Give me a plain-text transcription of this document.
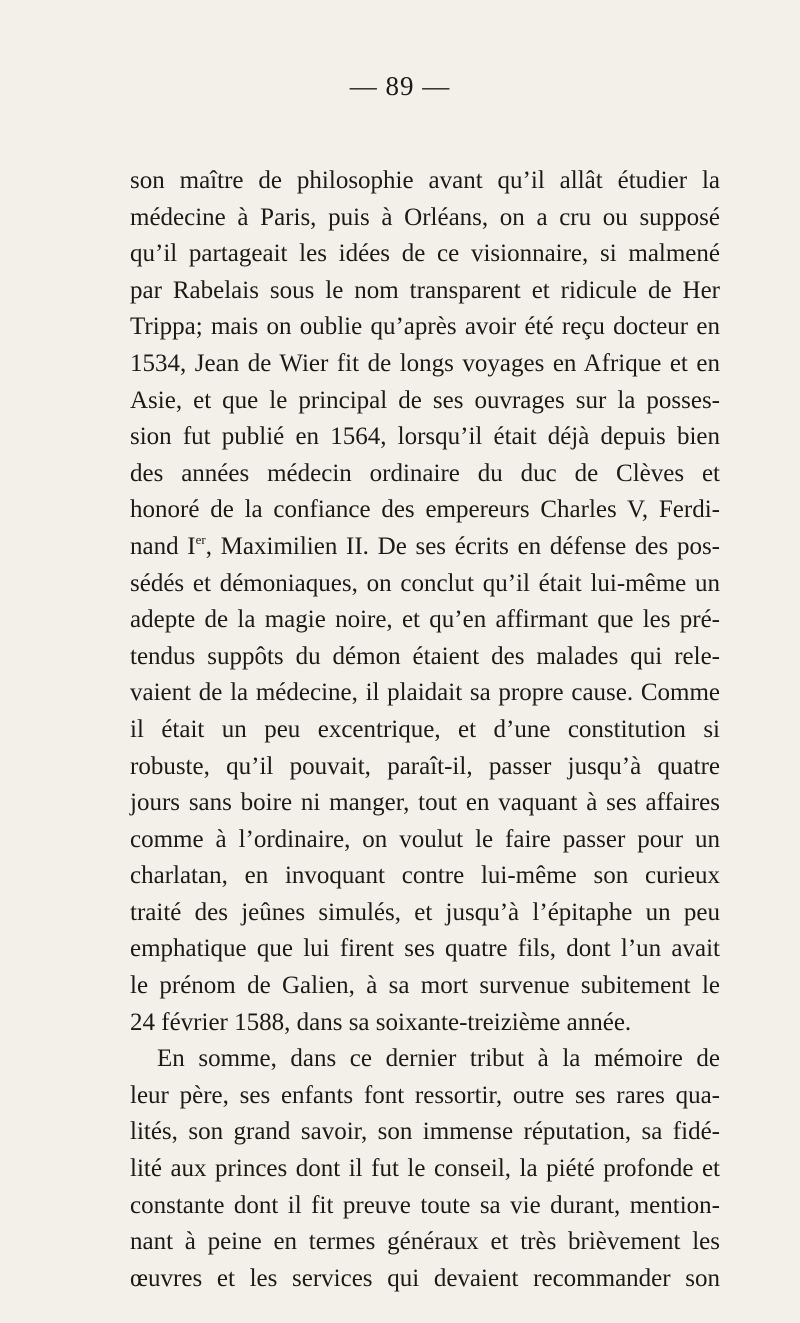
— 89 —
son maître de philosophie avant qu’il allât étudier la
médecine à Paris, puis à Orléans, on a cru ou supposé
qu’il partageait les idées de ce visionnaire, si malmené
par Rabelais sous le nom transparent et ridicule de Her
Trippa; mais on oublie qu’après avoir été reçu docteur en
1534, Jean de Wier fit de longs voyages en Afrique et en
Asie, et que le principal de ses ouvrages sur la posses-
sion fut publié en 1564, lorsqu’il était déjà depuis bien
des années médecin ordinaire du duc de Clèves et
honoré de la confiance des empereurs Charles V, Ferdi-
nand Ier, Maximilien II. De ses écrits en défense des pos-
sédés et démoniaques, on conclut qu’il était lui-même un
adepte de la magie noire, et qu’en affirmant que les pré-
tendus suppôts du démon étaient des malades qui rele-
vaient de la médecine, il plaidait sa propre cause. Comme
il était un peu excentrique, et d’une constitution si
robuste, qu’il pouvait, paraît-il, passer jusqu’à quatre
jours sans boire ni manger, tout en vaquant à ses affaires
comme à l’ordinaire, on voulut le faire passer pour un
charlatan, en invoquant contre lui-même son curieux
traité des jeûnes simulés, et jusqu’à l’épitaphe un peu
emphatique que lui firent ses quatre fils, dont l’un avait
le prénom de Galien, à sa mort survenue subitement le
24 février 1588, dans sa soixante-treizième année.
En somme, dans ce dernier tribut à la mémoire de
leur père, ses enfants font ressortir, outre ses rares qua-
lités, son grand savoir, son immense réputation, sa fidé-
lité aux princes dont il fut le conseil, la piété profonde et
constante dont il fit preuve toute sa vie durant, mention-
nant à peine en termes généraux et très brièvement les
œuvres et les services qui devaient recommander son
